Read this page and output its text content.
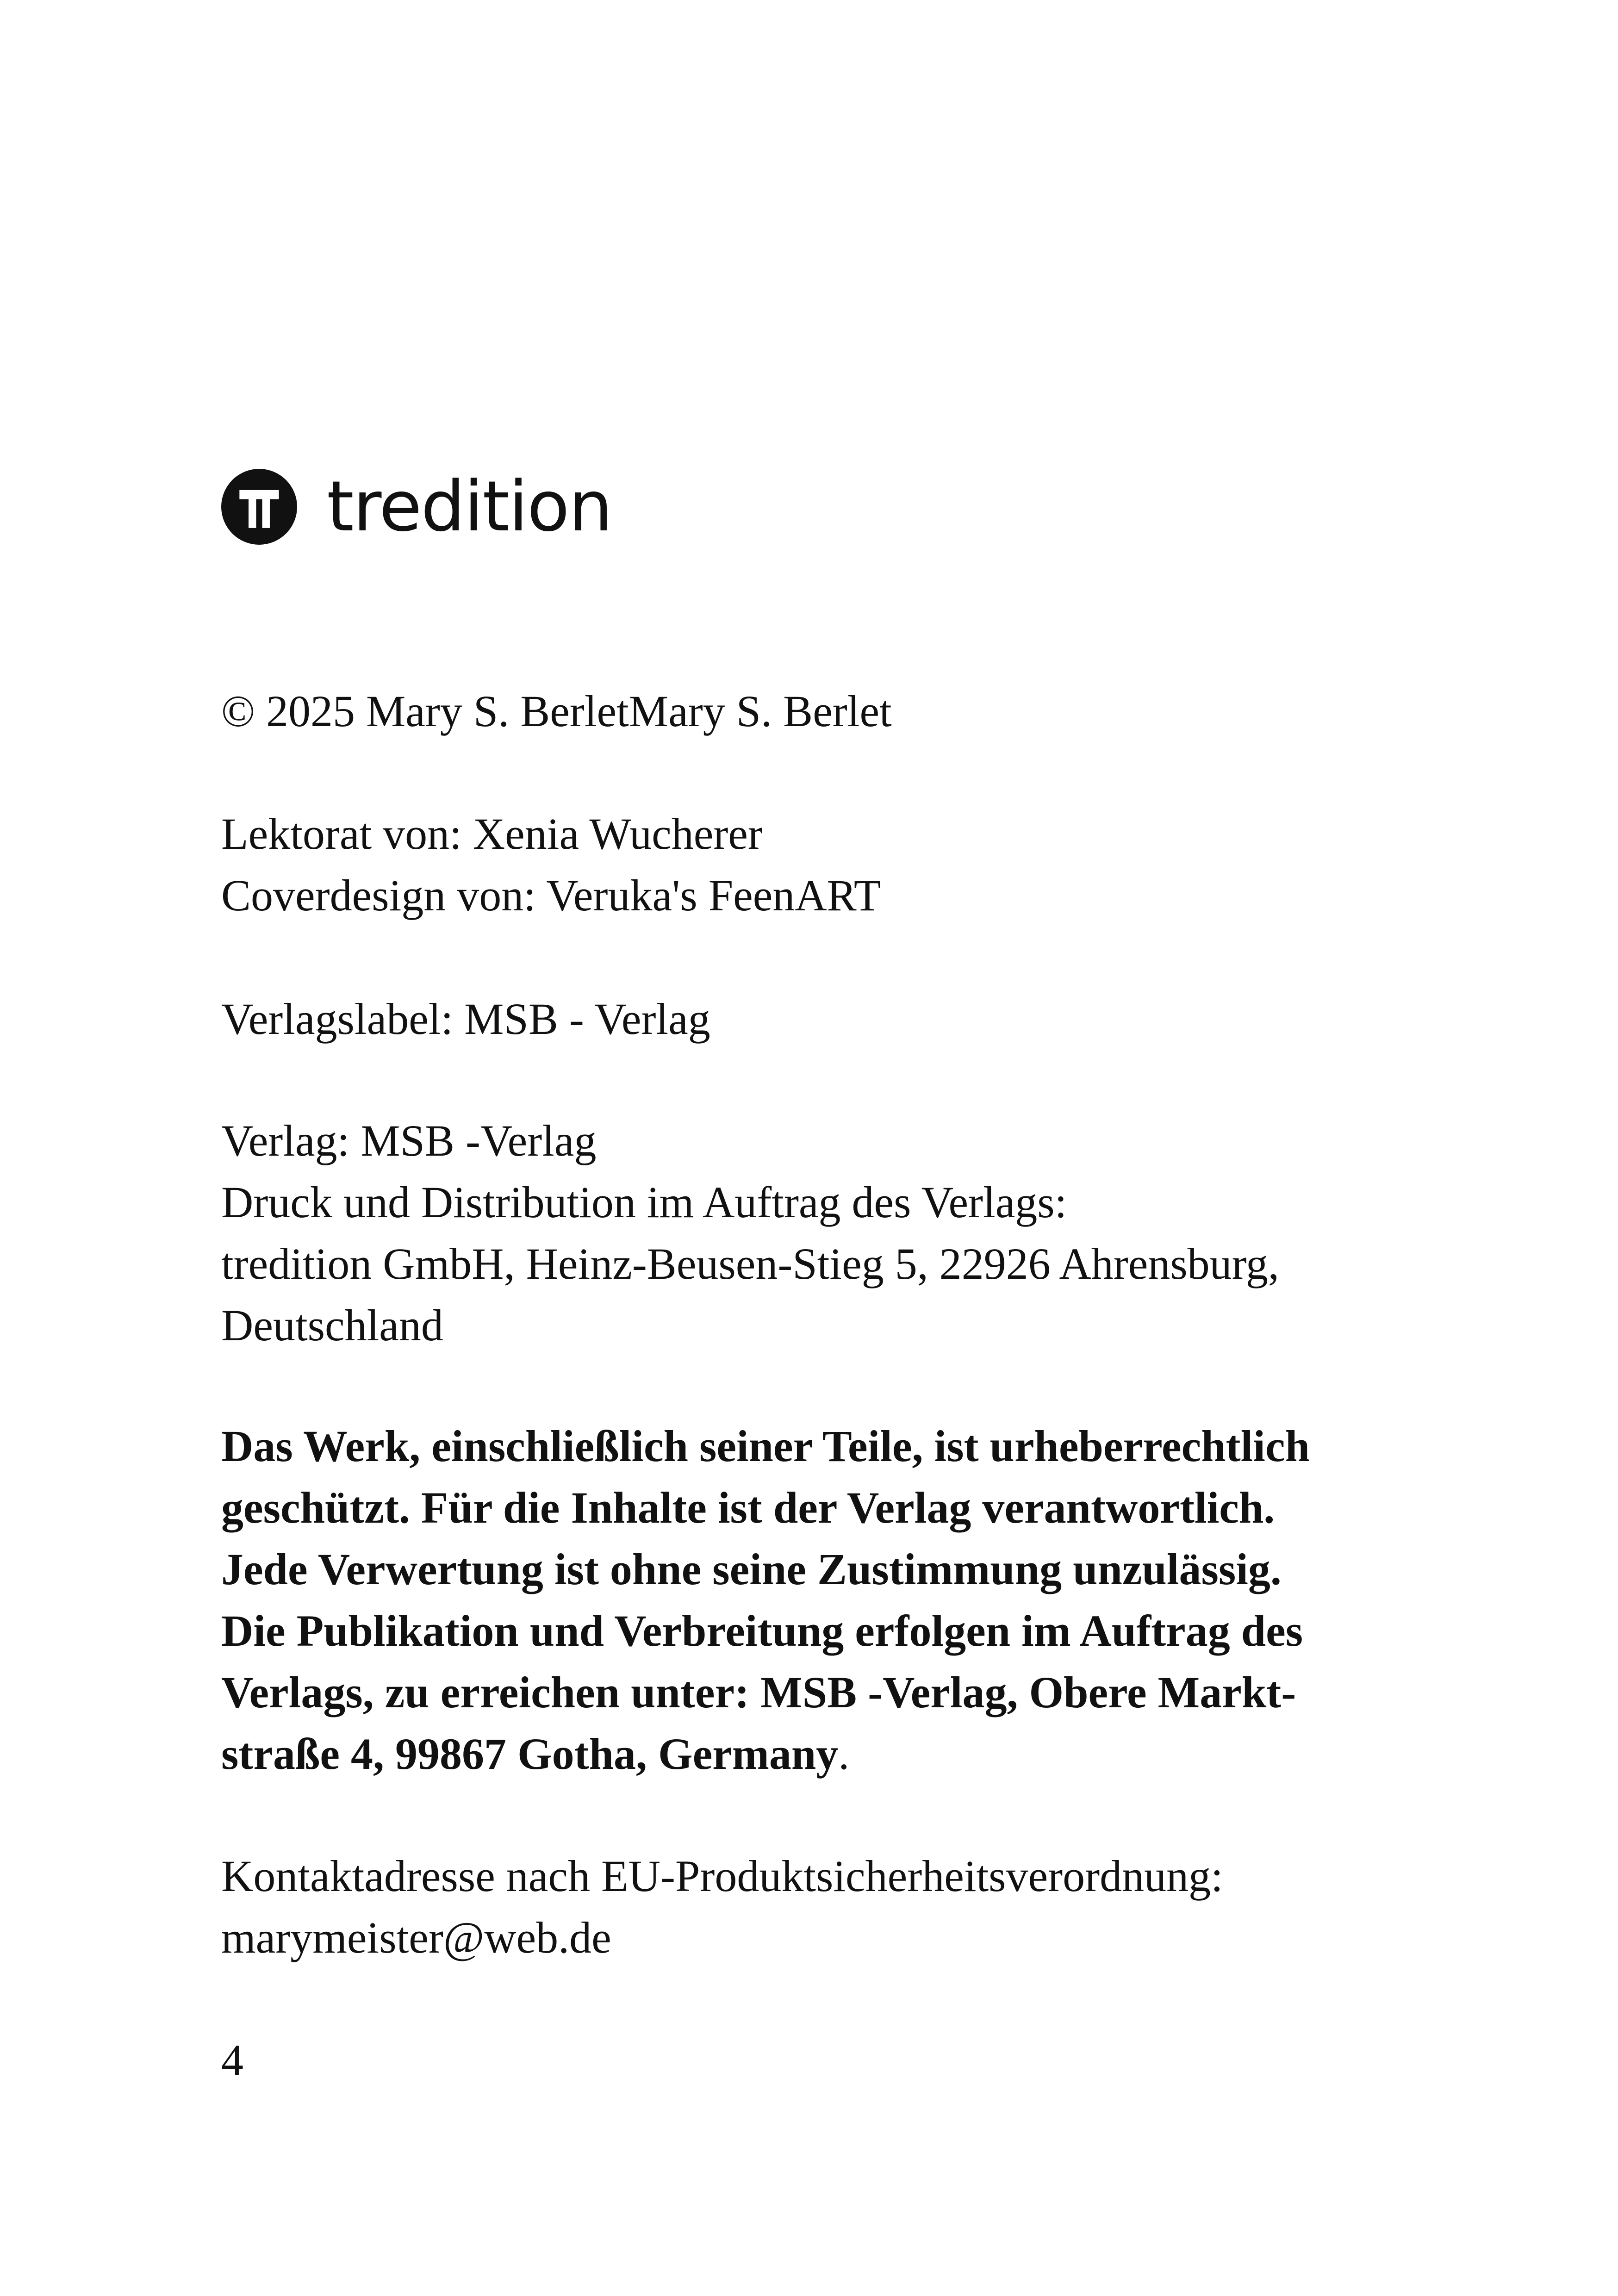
tredition

© 2025 Mary S. BerletMary S. Berlet

Lektorat von: Xenia Wucherer
Coverdesign von: Veruka's FeenART

Verlagslabel: MSB - Verlag

Verlag: MSB -Verlag
Druck und Distribution im Auftrag des Verlags:
tredition GmbH, Heinz-Beusen-Stieg 5, 22926 Ahrensburg,
Deutschland

Das Werk, einschließlich seiner Teile, ist urheberrechtlich
geschützt. Für die Inhalte ist der Verlag verantwortlich.
Jede Verwertung ist ohne seine Zustimmung unzulässig.
Die Publikation und Verbreitung erfolgen im Auftrag des
Verlags, zu erreichen unter: MSB -Verlag, Obere Markt-
straße 4, 99867 Gotha, Germany.

Kontaktadresse nach EU-Produktsicherheitsverordnung:
marymeister@web.de

4
